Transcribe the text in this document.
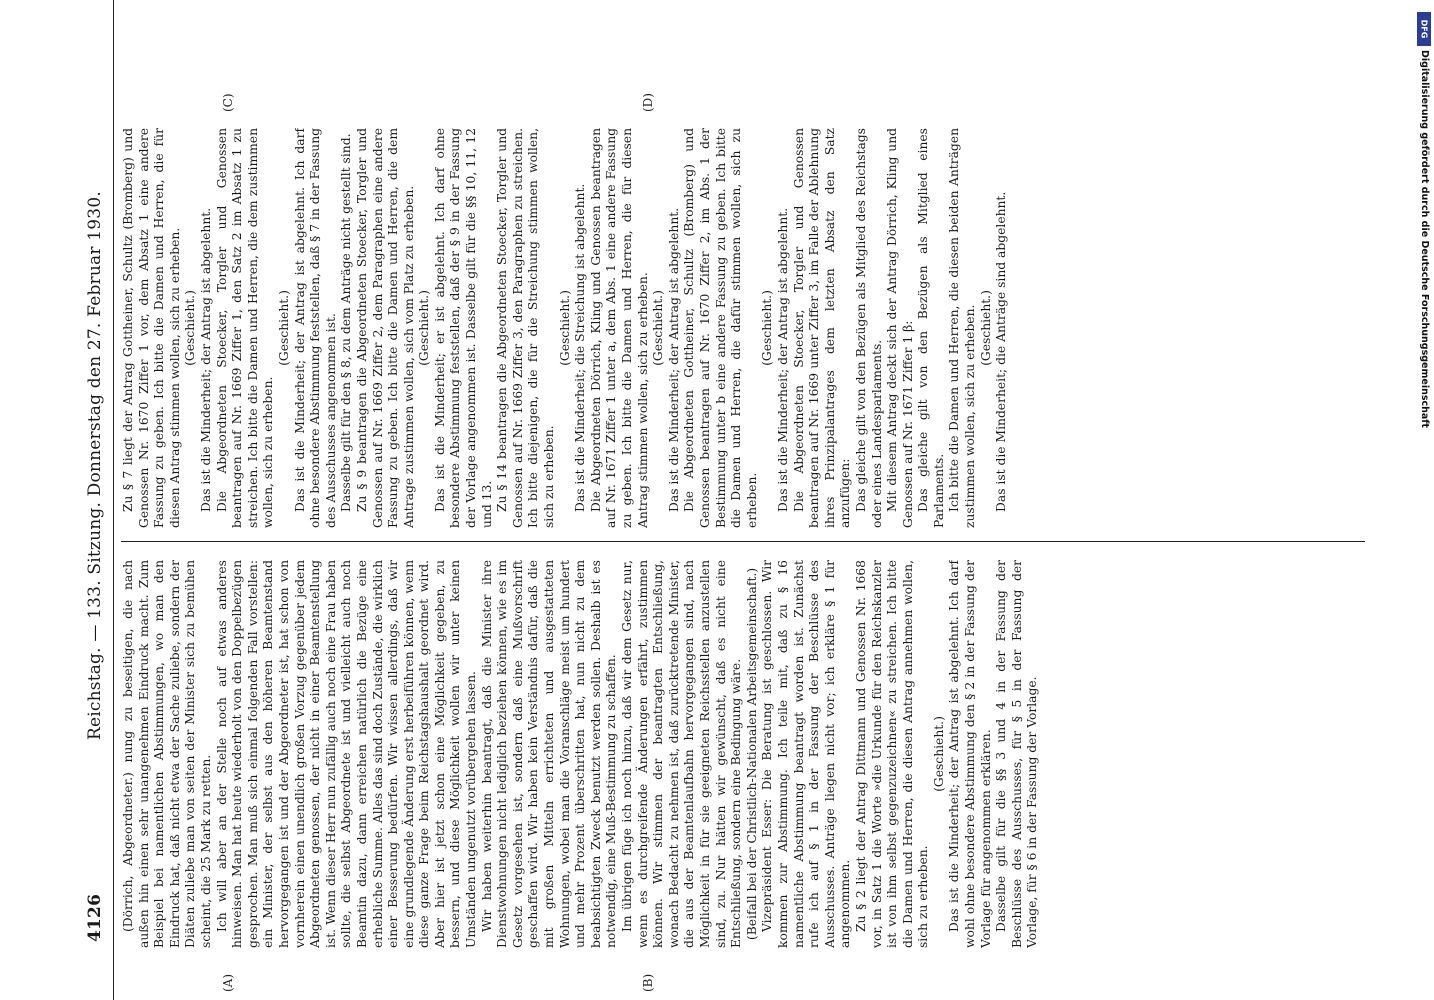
4126
Reichstag. — 133. Sitzung. Donnerstag den 27. Februar 1930.
(A)	(B)
(C)	(D)

(Dörrich, Abgeordneter.) nung zu beseitigen, die nach außen hin einen sehr unangenehmen Eindruck macht. Zum Beispiel bei namentlichen Abstimmungen, wo man den Eindruck hat, daß nicht etwa der Sache zuliebe, sondern der Diäten zuliebe man von seiten der Minister sich zu bemühen scheint, die 25 Mark zu retten. Ich will aber an der Stelle noch auf etwas anderes hinweisen. Man hat heute wiederholt von den Doppelbezügen gesprochen. Man muß sich einmal folgenden Fall vorstellen: ein Minister, der selbst aus den höheren Beamtenstand hervorgegangen ist und der Abgeordneter ist, hat schon von vornherein einen unendlich großen Vorzug gegenüber jedem Abgeordneten genossen, der nicht in einer Beamtenstellung ist. Wenn dieser Herr nun zufällig auch noch eine Frau haben sollte, die selbst Abgeordnete ist und vielleicht auch noch Beamtin dazu, dann erreichen natürlich die Bezüge eine erhebliche Summe. Alles das sind doch Zustände, die wirklich einer Besserung bedürfen. Wir wissen allerdings, daß wir eine grundlegende Änderung erst herbeiführen können, wenn diese ganze Frage beim Reichstagshaushalt geordnet wird. Aber hier ist jetzt schon eine Möglichkeit gegeben, zu bessern, und diese Möglichkeit wollen wir unter keinen Umständen ungenutzt vorübergehen lassen. Wir haben weiterhin beantragt, daß die Minister ihre Dienstwohnungen nicht lediglich beziehen können, wie es im Gesetz vorgesehen ist, sondern daß eine Mußvorschrift geschaffen wird. Wir haben kein Verständnis dafür, daß die mit großen Mitteln errichteten und ausgestatteten Wohnungen, wobei man die Voranschläge meist um hundert und mehr Prozent überschritten hat, nun nicht zu dem beabsichtigten Zweck benutzt werden sollen. Deshalb ist es notwendig, eine Muß-Bestimmung zu schaffen. Im übrigen füge ich noch hinzu, daß wir dem Gesetz nur, wenn es durchgreifende Änderungen erfährt, zustimmen können. Wir stimmen der beantragten Entschließung, wonach Bedacht zu nehmen ist, daß zurücktretende Minister, die aus der Beamtenlaufbahn hervorgegangen sind, nach Möglichkeit in für sie geeigneten Reichsstellen anzustellen sind, zu. Nur hätten wir gewünscht, daß es nicht eine Entschließung, sondern eine Bedingung wäre. (Beifall bei der Christlich-Nationalen Arbeitsgemeinschaft.) Vizepräsident Esser: Die Beratung ist geschlossen. Wir kommen zur Abstimmung. Ich teile mit, daß zu § 16 namentliche Abstimmung beantragt worden ist. Zunächst rufe ich auf § 1 in der Fassung der Beschlüsse des Ausschusses. Anträge liegen nicht vor; ich erkläre § 1 für angenommen. Zu § 2 liegt der Antrag Dittmann und Genossen Nr. 1668 vor, in Satz 1 die Worte »die Urkunde für den Reichskanzler ist von ihm selbst gegenzuzeichnen« zu streichen. Ich bitte die Damen und Herren, die diesen Antrag annehmen wollen, sich zu erheben.

(Geschieht.) Das ist die Minderheit; der Antrag ist abgelehnt. Ich darf wohl ohne besondere Abstimmung den § 2 in der Fassung der Vorlage für angenommen erklären. Dasselbe gilt für die §§ 3 und 4 in der Fassung der Beschlüsse des Ausschusses, für § 5 in der Fassung der Vorlage, für § 6 in der Fassung der Vorlage.

Zu § 7 liegt der Antrag Gottheiner, Schultz (Bromberg) und Genossen Nr. 1670 Ziffer 1 vor, dem Absatz 1 eine andere Fassung zu geben. Ich bitte die Damen und Herren, die für diesen Antrag stimmen wollen, sich zu erheben. (Geschieht.) Das ist die Minderheit; der Antrag ist abgelehnt. Die Abgeordneten Stoecker, Torgler und Genossen beantragen auf Nr. 1669 Ziffer 1, den Satz 2 im Absatz 1 zu streichen. Ich bitte die Damen und Herren, die dem zustimmen wollen, sich zu erheben.

(Geschieht.) Das ist die Minderheit; der Antrag ist abgelehnt. Ich darf ohne besondere Abstimmung feststellen, daß § 7 in der Fassung des Ausschusses angenommen ist. Dasselbe gilt für den § 8, zu dem Anträge nicht gestellt sind. Zu § 9 beantragen die Abgeordneten Stoecker, Torgler und Genossen auf Nr. 1669 Ziffer 2, dem Paragraphen eine andere Fassung zu geben. Ich bitte die Damen und Herren, die dem Antrage zustimmen wollen, sich vom Platz zu erheben. (Geschieht.) Das ist die Minderheit; er ist abgelehnt. Ich darf ohne besondere Abstimmung feststellen, daß der § 9 in der Fassung der Vorlage angenommen ist. Dasselbe gilt für die §§ 10, 11, 12 und 13. Zu § 14 beantragen die Abgeordneten Stoecker, Torgler und Genossen auf Nr. 1669 Ziffer 3, den Paragraphen zu streichen. Ich bitte diejenigen, die für die Streichung stimmen wollen, sich zu erheben.

(Geschieht.) Das ist die Minderheit; die Streichung ist abgelehnt. Die Abgeordneten Dörrich, Kling und Genossen beantragen auf Nr. 1671 Ziffer 1 unter a, dem Abs. 1 eine andere Fassung zu geben. Ich bitte die Damen und Herren, die für diesen Antrag stimmen wollen, sich zu erheben. (Geschieht.) Das ist die Minderheit; der Antrag ist abgelehnt. Die Abgeordneten Gottheiner, Schultz (Bromberg) und Genossen beantragen auf Nr. 1670 Ziffer 2, im Abs. 1 der Bestimmung unter b eine andere Fassung zu geben. Ich bitte die Damen und Herren, die dafür stimmen wollen, sich zu erheben.

(Geschieht.) Das ist die Minderheit; der Antrag ist abgelehnt. Die Abgeordneten Stoecker, Torgler und Genossen beantragen auf Nr. 1669 unter Ziffer 3, im Falle der Ablehnung ihres Prinzipalantrages dem letzten Absatz den Satz anzufügen: Das gleiche gilt von den Bezügen als Mitglied des Reichstags oder eines Landesparlaments. Mit diesem Antrag deckt sich der Antrag Dörrich, Kling und Genossen auf Nr. 1671 Ziffer 1 β: Das gleiche gilt von den Bezügen als Mitglied eines Parlaments. Ich bitte die Damen und Herren, die diesen beiden Anträgen zustimmen wollen, sich zu erheben. (Geschieht.) Das ist die Minderheit; die Anträge sind abgelehnt.

DFG
Digitalisierung gefördert durch die Deutsche Forschungsgemeinschaft
